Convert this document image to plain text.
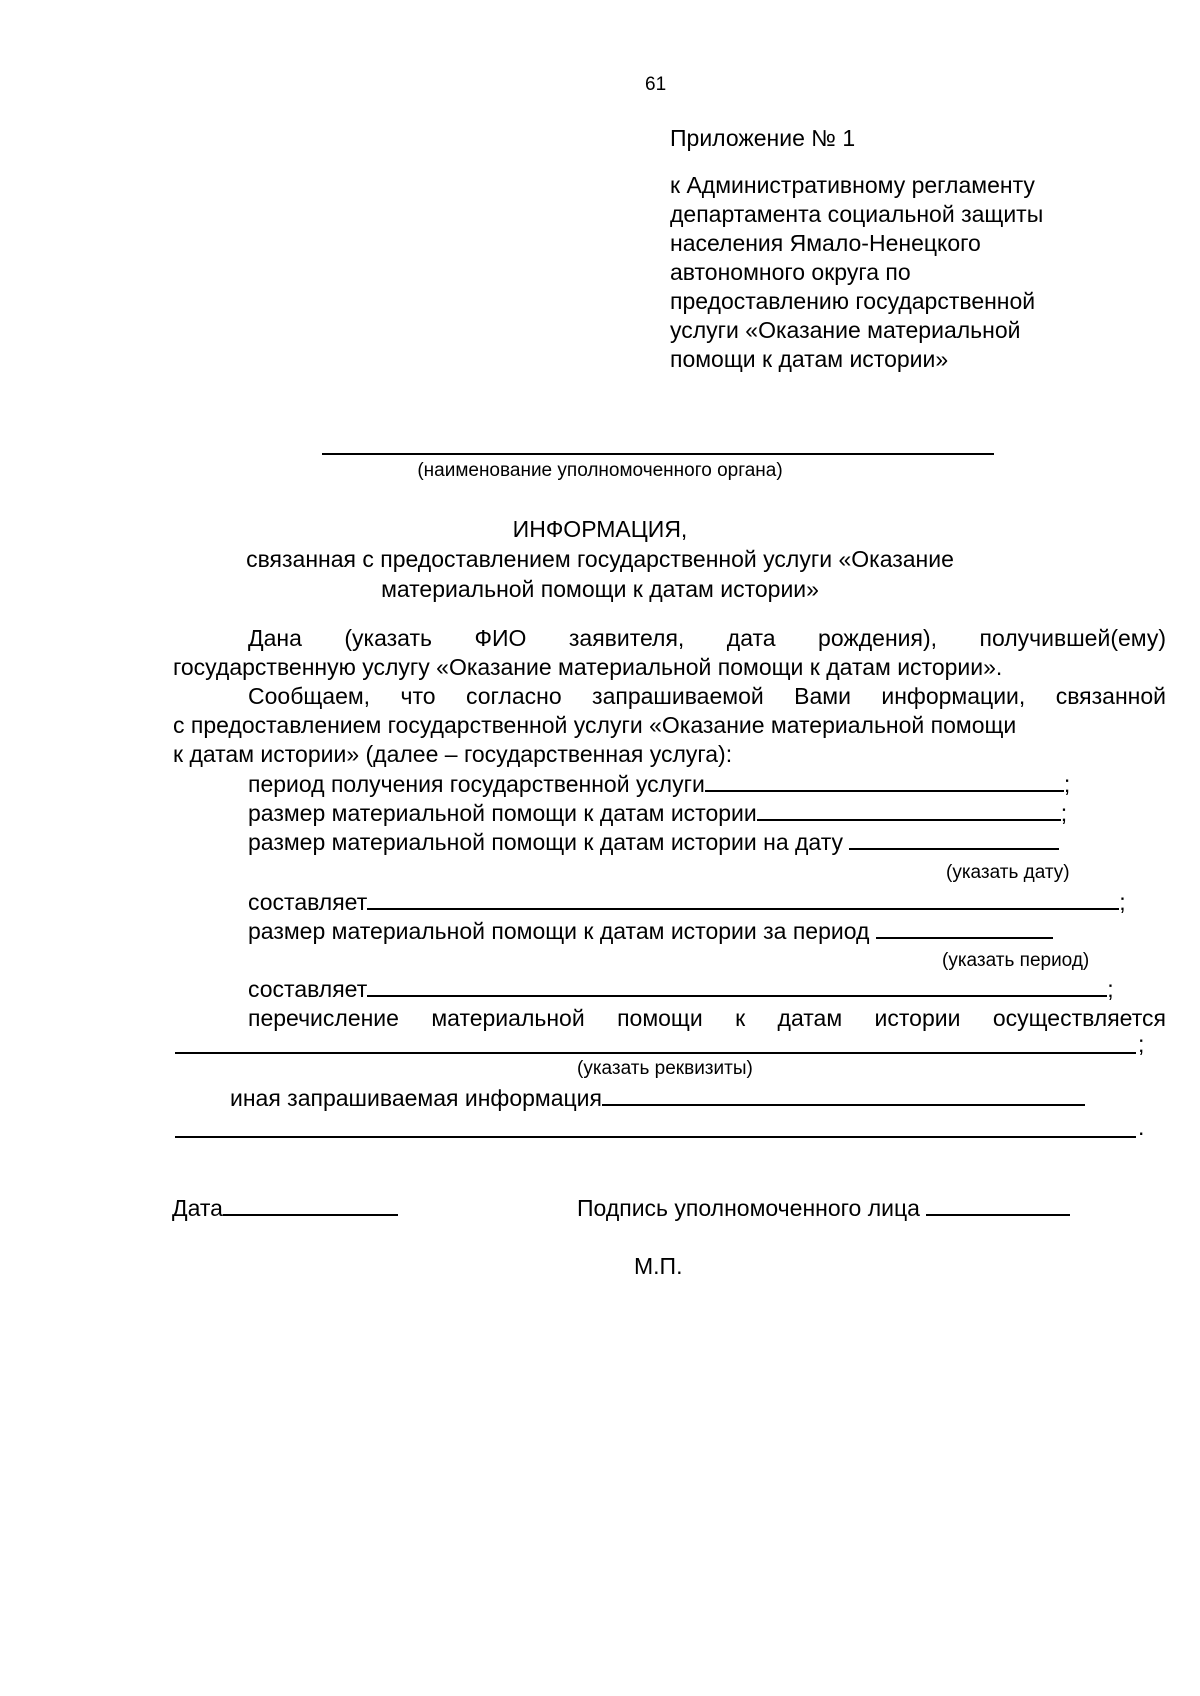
61
Приложение № 1
к Административному регламенту
департамента социальной защиты
населения Ямало-Ненецкого
автономного округа по
предоставлению государственной
услуги «Оказание материальной
помощи к датам истории»
(наименование уполномоченного органа)
ИНФОРМАЦИЯ,
связанная с предоставлением государственной услуги «Оказание
материальной помощи к датам истории»
Дана (указать ФИО заявителя, дата рождения), получившей(ему)
государственную услугу «Оказание материальной помощи к датам истории».
Сообщаем, что согласно запрашиваемой Вами информации, связанной
с предоставлением государственной услуги «Оказание материальной помощи
к датам истории» (далее – государственная услуга):
период получения государственной услуги	;
размер материальной помощи к датам истории	;
размер материальной помощи к датам истории на дату
(указать дату)
составляет	;
размер материальной помощи к датам истории за период
(указать период)
составляет	;
перечисление материальной помощи к датам истории осуществляется
;
(указать реквизиты)
иная запрашиваемая информация
.
Дата	Подпись уполномоченного лица
М.П.
